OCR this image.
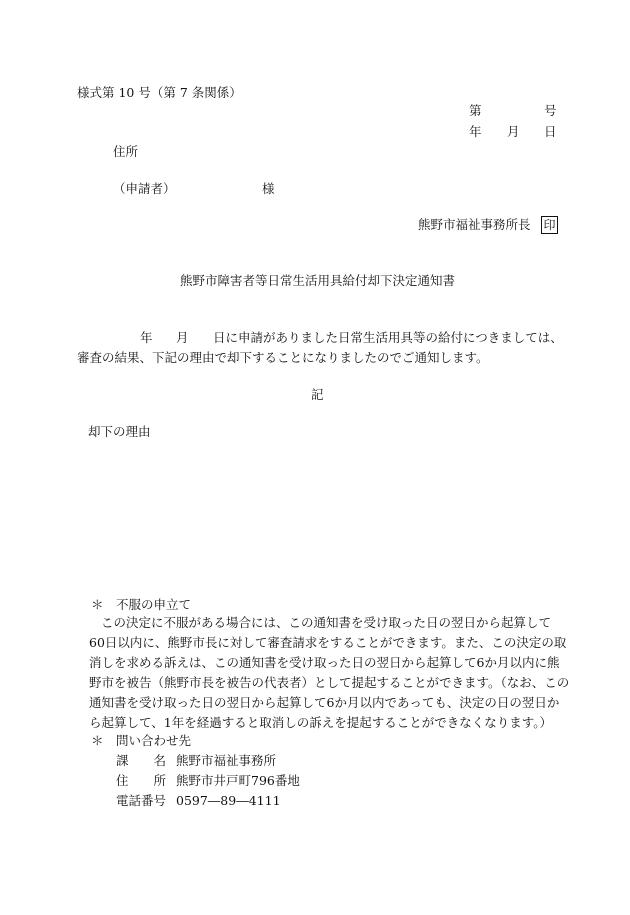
様式第 10 号（第 7 条関係）
第	号
年 月 日
住所
（申請者）	様
熊野市福祉事務所長 印
熊野市障害者等日常生活用具給付却下決定通知書
年 月 日に申請がありました日常生活用具等の給付につきましては、
審査の結果、下記の理由で却下することになりましたのでご通知します。
記
却下の理由
＊ 不服の申立て
この決定に不服がある場合には、この通知書を受け取った日の翌日から起算して
60日以内に、熊野市長に対して審査請求をすることができます。また、この決定の取
消しを求める訴えは、この通知書を受け取った日の翌日から起算して6か月以内に熊
野市を被告（熊野市長を被告の代表者）として提起することができます。（なお、この
通知書を受け取った日の翌日から起算して6か月以内であっても、決定の日の翌日か
ら起算して、1年を経過すると取消しの訴えを提起することができなくなります。）
＊ 問い合わせ先
課　　名 熊野市福祉事務所
住　　所 熊野市井戸町796番地
電話番号 0597―89―4111
